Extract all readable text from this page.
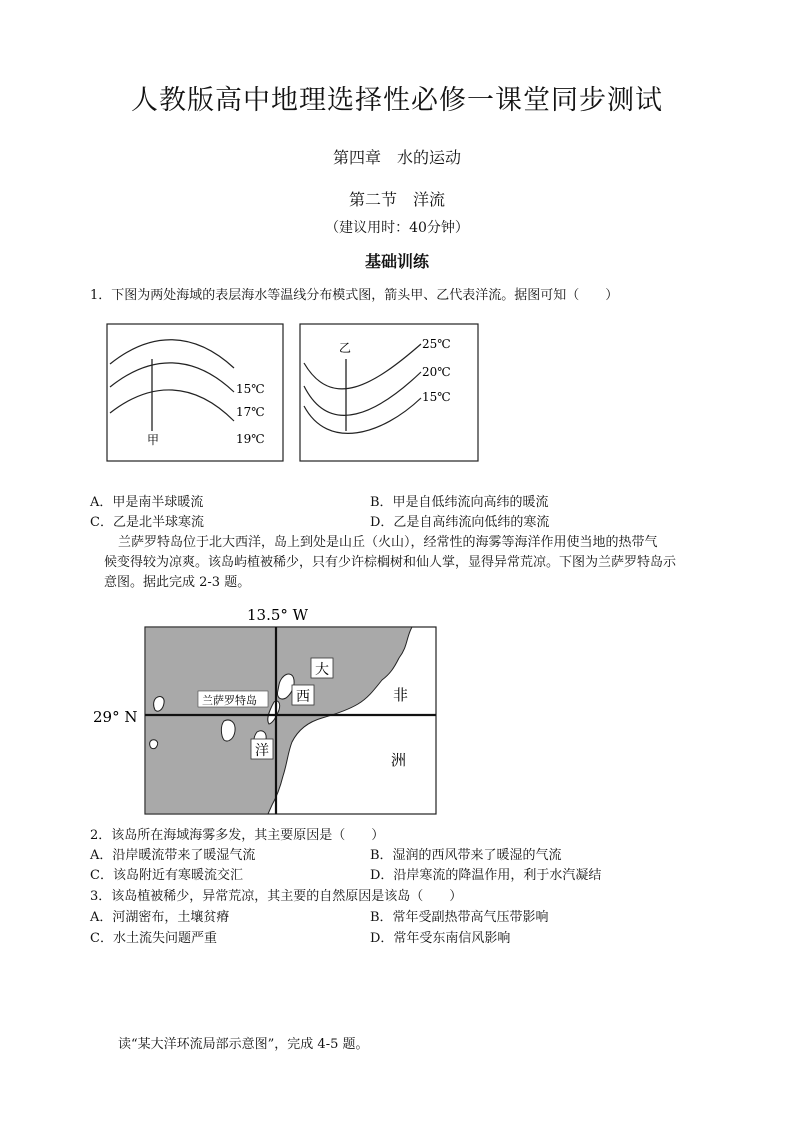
人教版高中地理选择性必修一课堂同步测试
第四章　水的运动
第二节　洋流
（建议用时：40分钟）
基础训练
1．下图为两处海域的表层海水等温线分布模式图，箭头甲、乙代表洋流。据图可知（　　）
15℃
17℃
19℃
甲
乙	25℃
20℃
15℃
A．甲是南半球暖流	B．甲是自低纬流向高纬的暖流
C．乙是北半球寒流	D．乙是自高纬流向低纬的寒流
兰萨罗特岛位于北大西洋，岛上到处是山丘（火山），经常性的海雾等海洋作用使当地的热带气
候变得较为凉爽。该岛屿植被稀少，只有少许棕榈树和仙人掌，显得异常荒凉。下图为兰萨罗特岛示
意图。据此完成 2-3 题。
13.5° W
29° N
兰萨罗特岛
大
西
洋
非
洲
2．该岛所在海域海雾多发，其主要原因是（　　）
A．沿岸暖流带来了暖湿气流	B．湿润的西风带来了暖湿的气流
C．该岛附近有寒暖流交汇	D．沿岸寒流的降温作用，利于水汽凝结
3．该岛植被稀少，异常荒凉，其主要的自然原因是该岛（　　）
A．河湖密布，土壤贫瘠	B．常年受副热带高气压带影响
C．水土流失问题严重	D．常年受东南信风影响
读“某大洋环流局部示意图”，完成 4-5 题。
